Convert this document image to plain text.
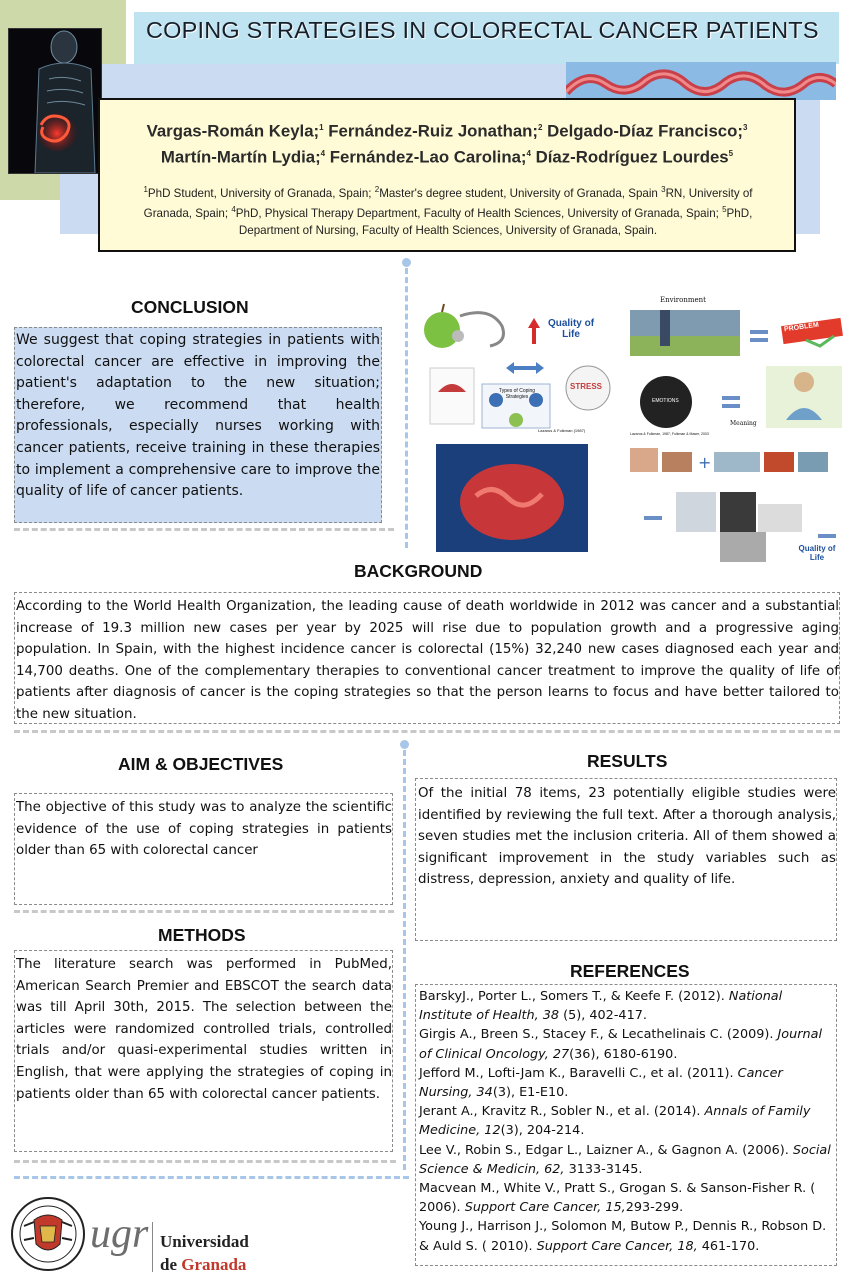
COPING STRATEGIES IN COLORECTAL CANCER PATIENTS
Vargas-Román Keyla;$^1$ Fernández-Ruiz Jonathan;$^2$ Delgado-Díaz Francisco;$^3$
Martín-Martín Lydia;$^4$ Fernández-Lao Carolina;$^4$ Díaz-Rodríguez Lourdes$^5$
$^1$PhD Student, University of Granada, Spain; $^2$Master's degree student, University of Granada, Spain $^3$RN, University of Granada, Spain; $^4$PhD, Physical Therapy Department, Faculty of Health Sciences, University of Granada, Spain; $^5$PhD, Department of Nursing, Faculty of Health Sciences, University of Granada, Spain.
CONCLUSION
We suggest that coping strategies in patients with colorectal cancer are effective in improving the patient's adaptation to the new situation; therefore, we recommend that health professionals, especially nurses working with cancer patients, receive training in these therapies to implement a comprehensive care to improve the quality of life of cancer patients.
+
Environment
Quality of Life
STRESS
Types of Coping Strategies
Lazarus & Folkman (1987)
EMOTIONS
Lazarus & Folkman, 1987; Folkman & Maser, 2003
Meaning
PROBLEM
Quality of Life
BACKGROUND
According to the World Health Organization, the leading cause of death worldwide in 2012 was cancer and a substantial increase of 19.3 million new cases per year by 2025 will rise due to population growth and a progressive aging population. In Spain, with the highest incidence cancer is colorectal (15%) 32,240 new cases diagnosed each year and 14,700 deaths. One of the complementary therapies to conventional cancer treatment to improve the quality of life of patients after diagnosis of cancer is the coping strategies so that the person learns to focus and have better tailored to the new situation.
AIM & OBJECTIVES
The objective of this study was to analyze the scientific evidence of the use of coping strategies in patients older than 65 with colorectal cancer
METHODS
The literature search was performed in PubMed, American Search Premier and EBSCOT the search data was till April 30th, 2015. The selection between the articles were randomized controlled trials, controlled trials and/or quasi-experimental studies written in English, that were applying the strategies of coping in patients older than 65 with colorectal cancer patients.
RESULTS
Of the initial 78 items, 23 potentially eligible studies were identified by reviewing the full text. After a thorough analysis, seven studies met the inclusion criteria. All of them showed a significant improvement in the study variables such as distress, depression, anxiety and quality of life.
REFERENCES

BarskyJ., Porter L., Somers T., & Keefe F. (2012). National Institute of Health, 38 (5), 402-417.

Girgis A., Breen S., Stacey F., & Lecathelinais C. (2009). Journal of Clinical Oncology, 27(36), 6180-6190.

Jefford M., Lofti-Jam K., Baravelli C., et al. (2011). Cancer Nursing, 34(3), E1-E10.

Jerant A., Kravitz R., Sobler N., et al. (2014). Annals of Family Medicine, 12(3), 204-214.

Lee V., Robin S., Edgar L., Laizner A., & Gagnon A. (2006). Social Science & Medicin, 62, 3133-3145.

Macvean M., White V., Pratt S., Grogan S. & Sanson-Fisher R. ( 2006). Support Care Cancer, 15,293-299.

Young J., Harrison J., Solomon M, Butow P., Dennis R., Robson D. & Auld S. ( 2010). Support Care Cancer, 18, 461-170.

ugr Universidad
de Granada
